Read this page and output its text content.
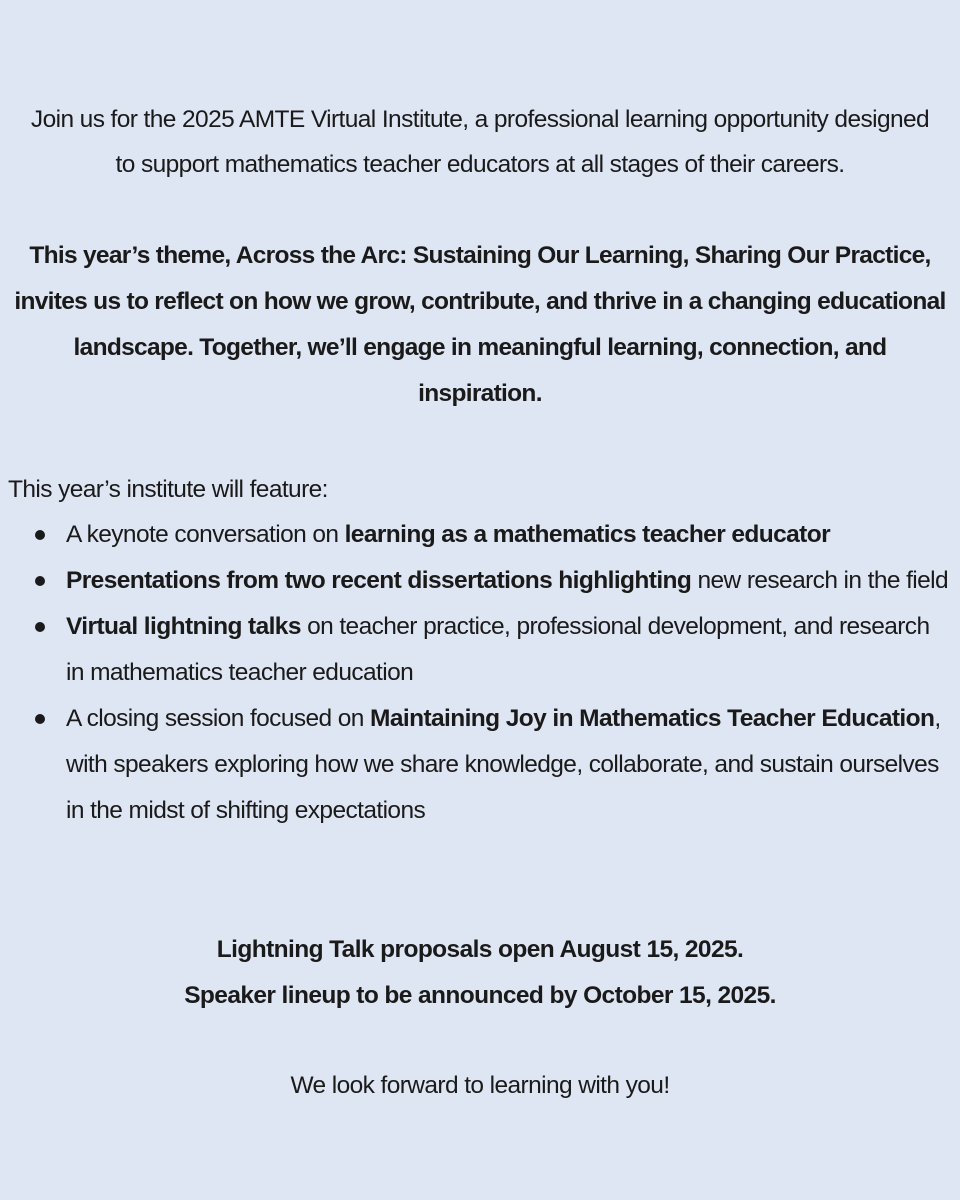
Join us for the 2025 AMTE Virtual Institute, a professional learning opportunity designed to support mathematics teacher educators at all stages of their careers.

This year’s theme, Across the Arc: Sustaining Our Learning, Sharing Our Practice, invites us to reflect on how we grow, contribute, and thrive in a changing educational landscape. Together, we’ll engage in meaningful learning, connection, and inspiration.

This year’s institute will feature:

A keynote conversation on learning as a mathematics teacher educator
Presentations from two recent dissertations highlighting new research in the field
Virtual lightning talks on teacher practice, professional development, and research in mathematics teacher education
A closing session focused on Maintaining Joy in Mathematics Teacher Education, with speakers exploring how we share knowledge, collaborate, and sustain ourselves in the midst of shifting expectations

Lightning Talk proposals open August 15, 2025.
Speaker lineup to be announced by October 15, 2025.

We look forward to learning with you!
